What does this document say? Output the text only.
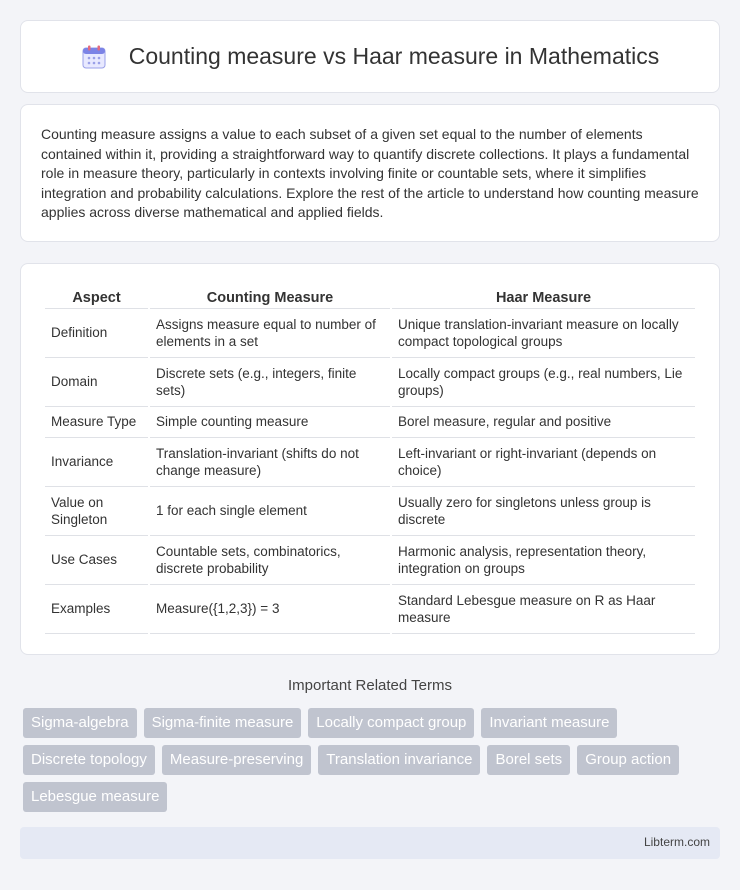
Counting measure vs Haar measure in Mathematics

Counting measure assigns a value to each subset of a given set equal to the number of elements contained within it, providing a straightforward way to quantify discrete collections. It plays a fundamental role in measure theory, particularly in contexts involving finite or countable sets, where it simplifies integration and probability calculations. Explore the rest of the article to understand how counting measure applies across diverse mathematical and applied fields.

Aspect	Counting Measure	Haar Measure
Definition	Assigns measure equal to number of elements in a set	Unique translation-invariant measure on locally compact topological groups
Domain	Discrete sets (e.g., integers, finite sets)	Locally compact groups (e.g., real numbers, Lie groups)
Measure Type	Simple counting measure	Borel measure, regular and positive
Invariance	Translation-invariant (shifts do not change measure)	Left-invariant or right-invariant (depends on choice)
Value on Singleton	1 for each single element	Usually zero for singletons unless group is discrete
Use Cases	Countable sets, combinatorics, discrete probability	Harmonic analysis, representation theory, integration on groups
Examples	Measure({1,2,3}) = 3	Standard Lebesgue measure on R as Haar measure
Important Related Terms
Sigma-algebra	Sigma-finite measure	Locally compact group	Invariant measure
Discrete topology	Measure-preserving	Translation invariance	Borel sets	Group action
Lebesgue measure
Libterm.com
